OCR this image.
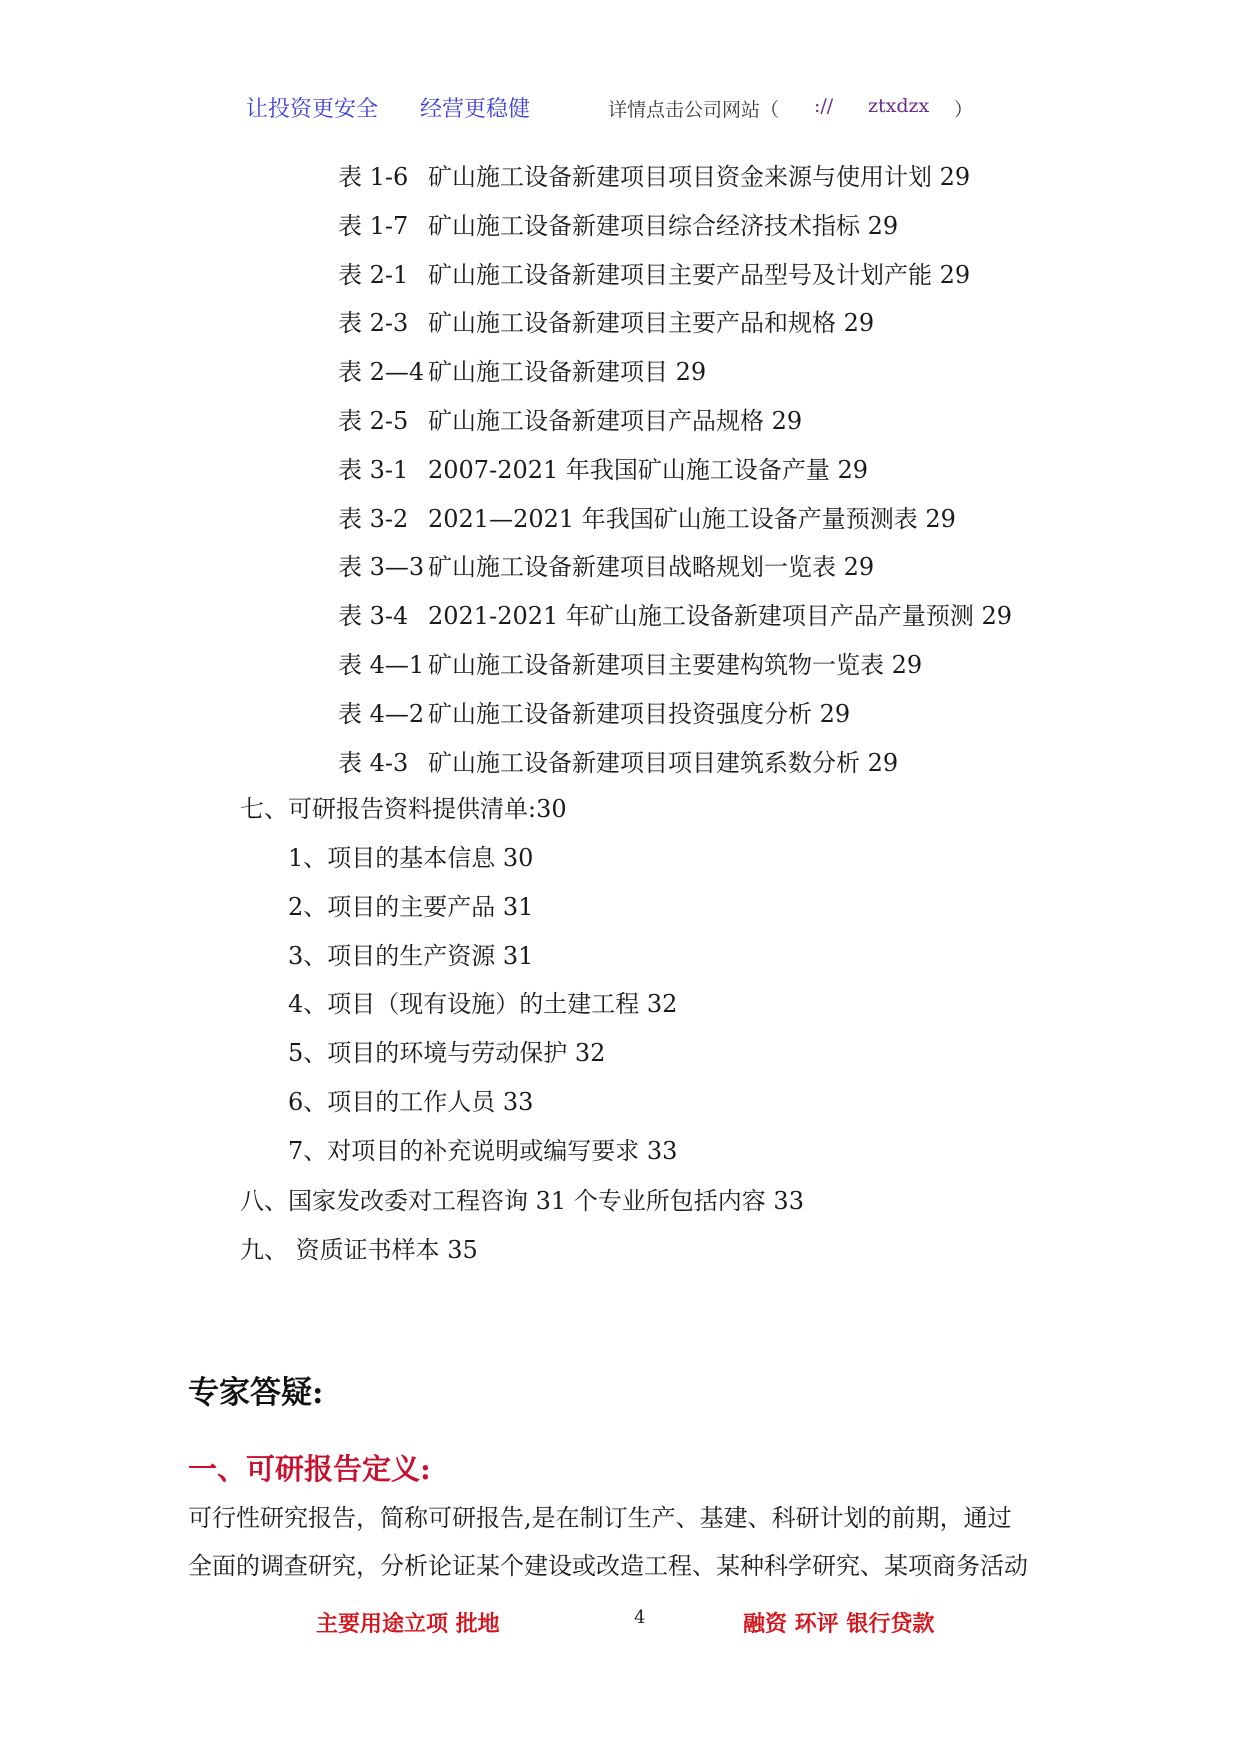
让投资更安全 经营更稳健	详情点击公司网站（ :// ztxdzx ）
表 1-6 矿山施工设备新建项目项目资金来源与使用计划 29
表 1-7 矿山施工设备新建项目综合经济技术指标 29
表 2-1 矿山施工设备新建项目主要产品型号及计划产能 29
表 2-3 矿山施工设备新建项目主要产品和规格 29
表 2—4 矿山施工设备新建项目 29
表 2-5 矿山施工设备新建项目产品规格 29
表 3-1 2007-2021 年我国矿山施工设备产量 29
表 3-2 2021—2021 年我国矿山施工设备产量预测表 29
表 3—3 矿山施工设备新建项目战略规划一览表 29
表 3-4 2021-2021 年矿山施工设备新建项目产品产量预测 29
表 4—1 矿山施工设备新建项目主要建构筑物一览表 29
表 4—2 矿山施工设备新建项目投资强度分析 29
表 4-3 矿山施工设备新建项目项目建筑系数分析 29
七、可研报告资料提供清单:30
1、项目的基本信息 30
2、项目的主要产品 31
3、项目的生产资源 31
4、项目（现有设施）的土建工程 32
5、项目的环境与劳动保护 32
6、项目的工作人员 33
7、对项目的补充说明或编写要求 33
八、国家发改委对工程咨询 31 个专业所包括内容 33
九、 资质证书样本 35
专家答疑:
一、可研报告定义:
可行性研究报告，简称可研报告,是在制订生产、基建、科研计划的前期，通过
全面的调查研究，分析论证某个建设或改造工程、某种科学研究、某项商务活动
主要用途立项 批地	4	融资 环评 银行贷款
